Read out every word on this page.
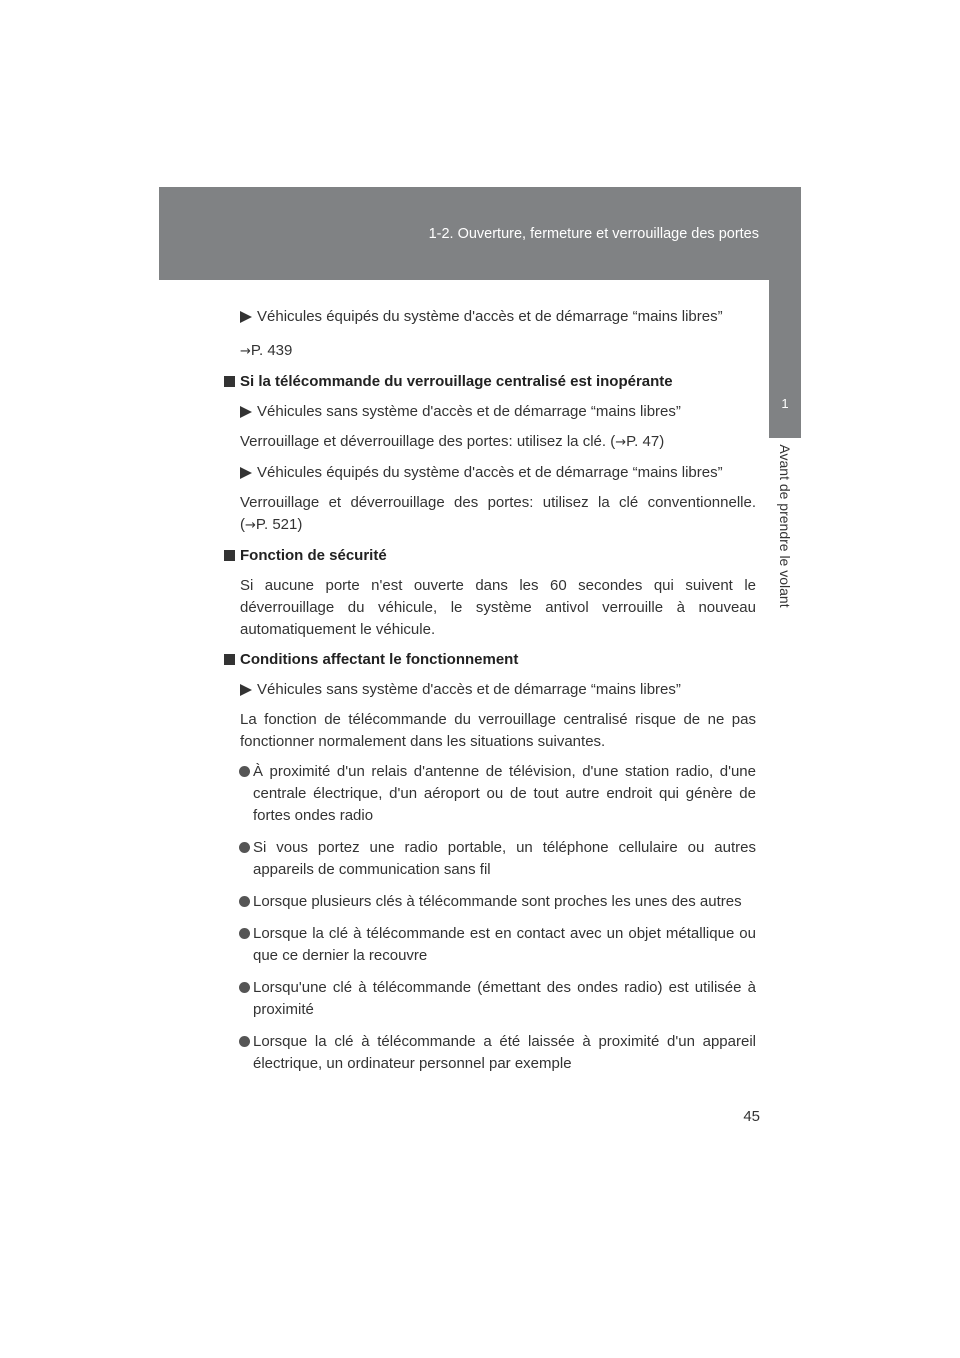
1-2. Ouverture, fermeture et verrouillage des portes
1
Avant de prendre le volant
Véhicules équipés du système d'accès et de démarrage “mains libres”
→P. 439
Si la télécommande du verrouillage centralisé est inopérante
Véhicules sans système d'accès et de démarrage “mains libres”
Verrouillage et déverrouillage des portes: utilisez la clé. (→P. 47)
Véhicules équipés du système d'accès et de démarrage “mains libres”
Verrouillage et déverrouillage des portes: utilisez la clé conventionnelle.
(→P. 521)
Fonction de sécurité
Si aucune porte n'est ouverte dans les 60 secondes qui suivent le déverrouillage du véhicule, le système antivol verrouille à nouveau automatiquement le véhicule.
Conditions affectant le fonctionnement
Véhicules sans système d'accès et de démarrage “mains libres”
La fonction de télécommande du verrouillage centralisé risque de ne pas fonctionner normalement dans les situations suivantes.
À proximité d'un relais d'antenne de télévision, d'une station radio, d'une centrale électrique, d'un aéroport ou de tout autre endroit qui génère de fortes ondes radio
Si vous portez une radio portable, un téléphone cellulaire ou autres appareils de communication sans fil
Lorsque plusieurs clés à télécommande sont proches les unes des autres
Lorsque la clé à télécommande est en contact avec un objet métallique ou que ce dernier la recouvre
Lorsqu'une clé à télécommande (émettant des ondes radio) est utilisée à proximité
Lorsque la clé à télécommande a été laissée à proximité d'un appareil électrique, un ordinateur personnel par exemple
45
